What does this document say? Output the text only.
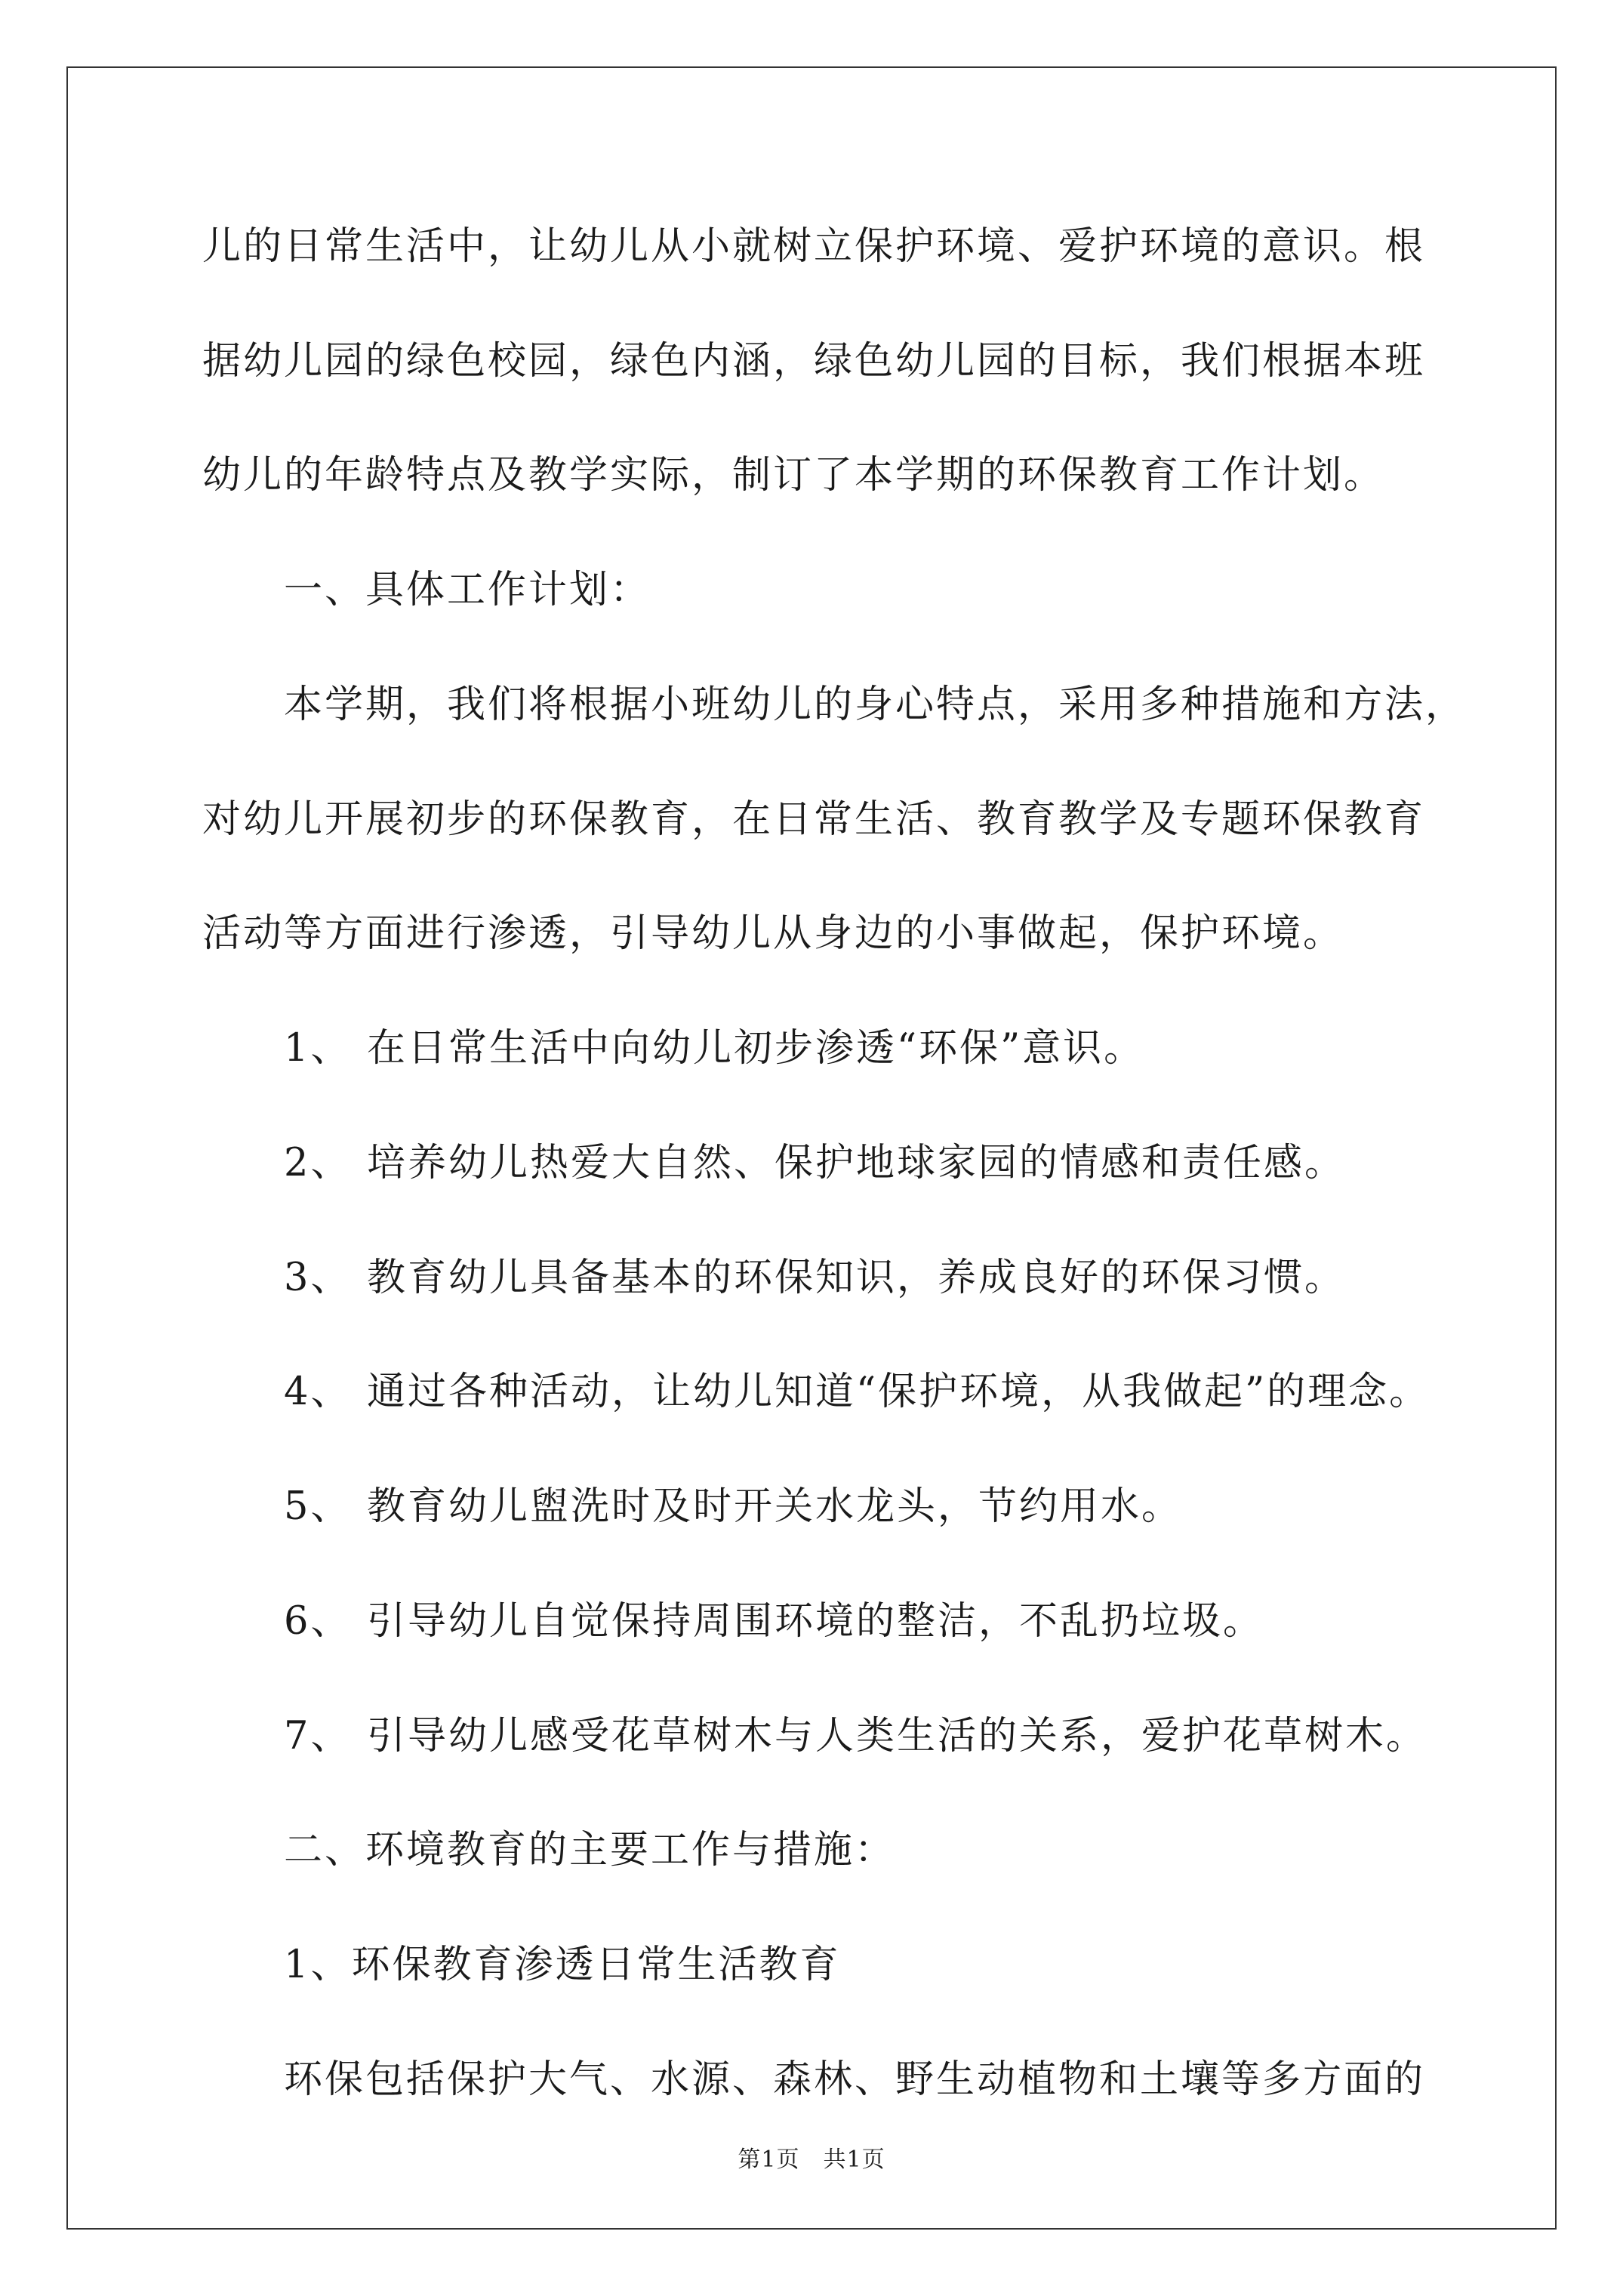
儿的日常生活中，让幼儿从小就树立保护环境、爱护环境的意识。根
据幼儿园的绿色校园，绿色内涵，绿色幼儿园的目标，我们根据本班
幼儿的年龄特点及教学实际，制订了本学期的环保教育工作计划。
一、具体工作计划：
本学期，我们将根据小班幼儿的身心特点，采用多种措施和方法，
对幼儿开展初步的环保教育，在日常生活、教育教学及专题环保教育
活动等方面进行渗透，引导幼儿从身边的小事做起，保护环境。
1、 在日常生活中向幼儿初步渗透“环保”意识。
2、 培养幼儿热爱大自然、保护地球家园的情感和责任感。
3、 教育幼儿具备基本的环保知识，养成良好的环保习惯。
4、 通过各种活动，让幼儿知道“保护环境，从我做起”的理念。
5、 教育幼儿盥洗时及时开关水龙头，节约用水。
6、 引导幼儿自觉保持周围环境的整洁，不乱扔垃圾。
7、 引导幼儿感受花草树木与人类生活的关系，爱护花草树木。
二、环境教育的主要工作与措施：
1、环保教育渗透日常生活教育
环保包括保护大气、水源、森林、野生动植物和土壤等多方面的
第1页　共1页
